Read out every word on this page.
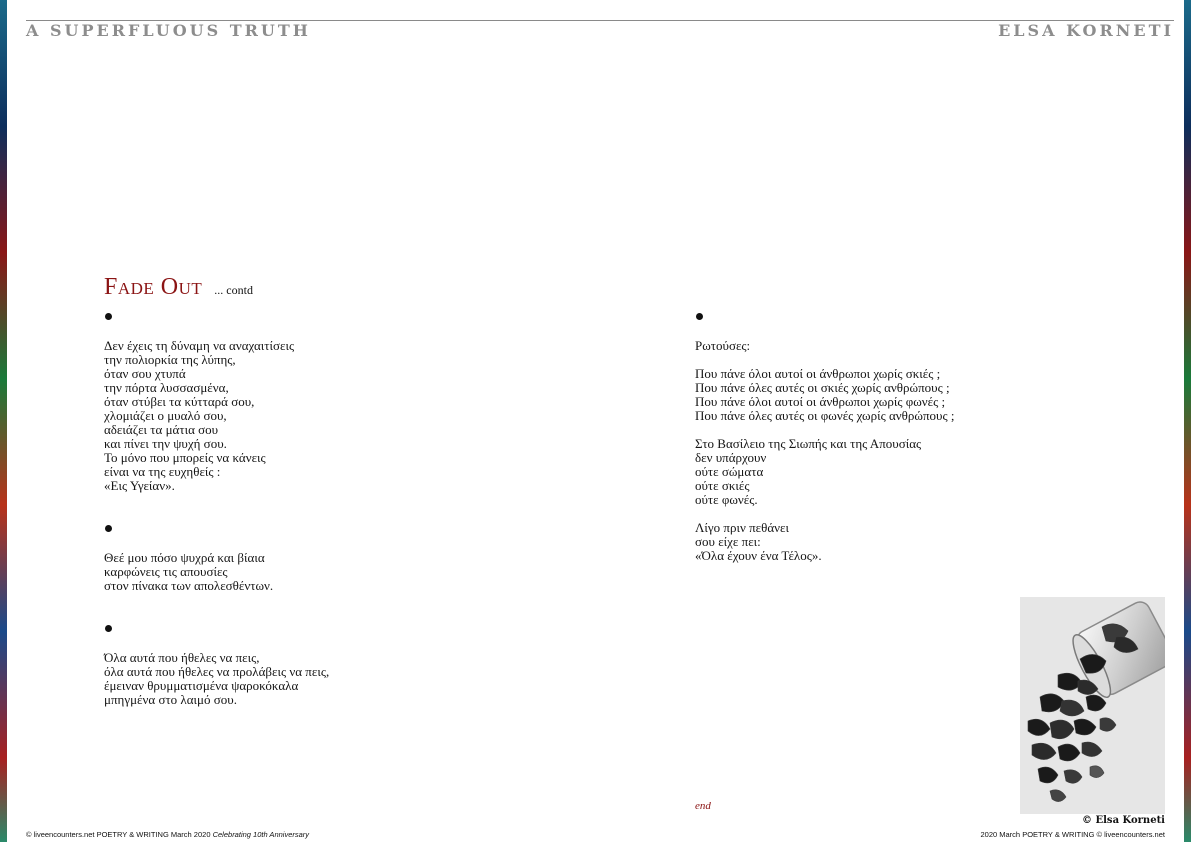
A SUPERFLUOUS TRUTH	ELSA KORNETI
Fade Out ... contd
Δεν έχεις τη δύναμη να αναχαιτίσεις
την πολιορκία της λύπης,
όταν σου χτυπά
την πόρτα λυσσασμένα,
όταν στύβει τα κύτταρά σου,
χλομιάζει ο μυαλό σου,
αδειάζει τα μάτια σου
και πίνει την ψυχή σου.
Το μόνο που μπορείς να κάνεις
είναι να της ευχηθείς :
«Εις Υγείαν».
Θεέ μου πόσο ψυχρά και βίαια
καρφώνεις τις απουσίες
στον πίνακα των απολεσθέντων.
Όλα αυτά που ήθελες να πεις,
όλα αυτά που ήθελες να προλάβεις να πεις,
έμειναν θρυμματισμένα ψαροκόκαλα
μπηγμένα στο λαιμό σου.
Ρωτούσες:
Που πάνε όλοι αυτοί οι άνθρωποι χωρίς σκιές ;
Που πάνε όλες αυτές οι σκιές χωρίς ανθρώπους ;
Που πάνε όλοι αυτοί οι άνθρωποι χωρίς φωνές ;
Που πάνε όλες αυτές οι φωνές χωρίς ανθρώπους ;
Στο Βασίλειο της Σιωπής και της Απουσίας
δεν υπάρχουν
ούτε σώματα
ούτε σκιές
ούτε φωνές.
Λίγο πριν πεθάνει
σου είχε πει:
«Όλα έχουν ένα Τέλος».
end
© Elsa Korneti
© liveencounters.net POETRY & WRITING March 2020 Celebrating 10th Anniversary	2020 March POETRY & WRITING © liveencounters.net
